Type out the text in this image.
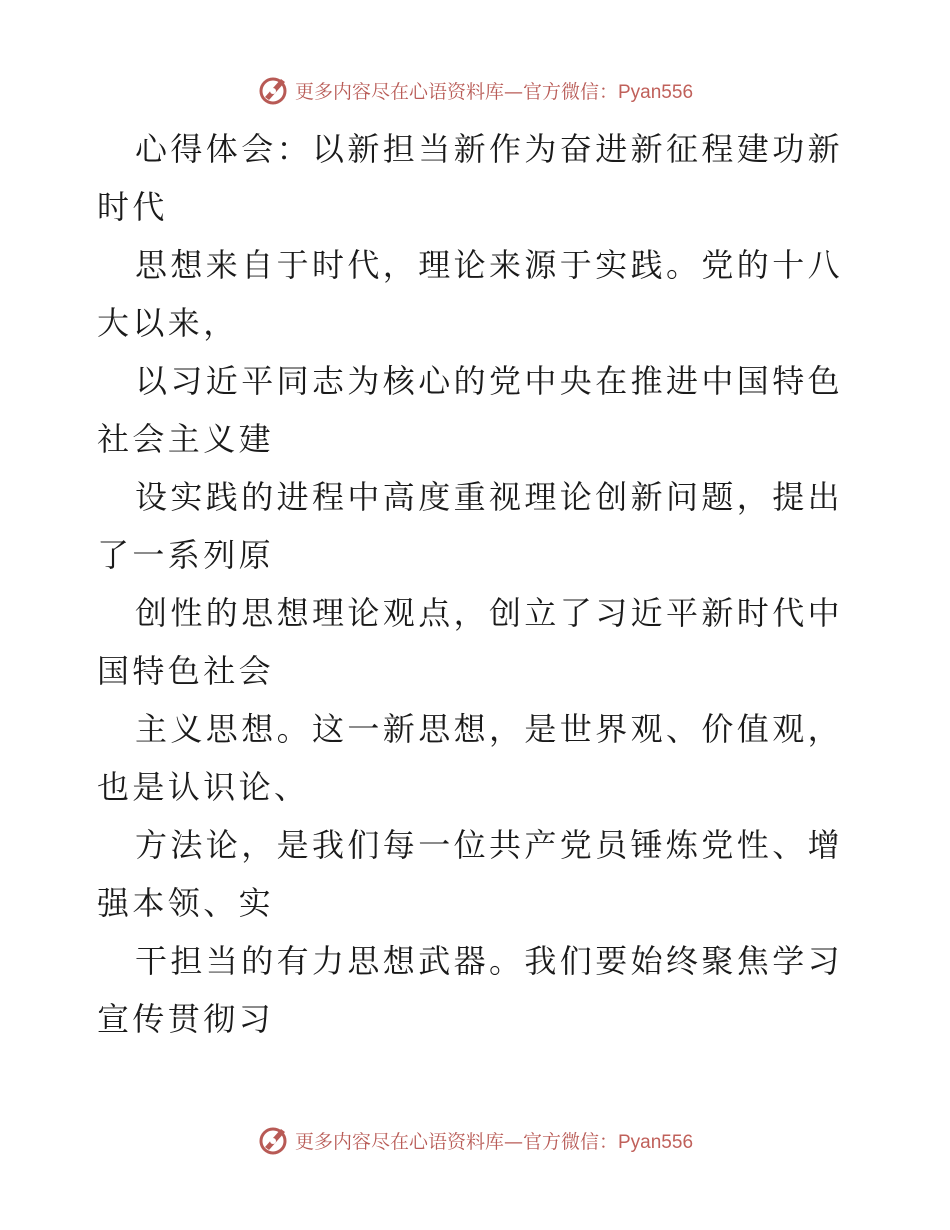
更多内容尽在心语资料库—官方微信：Pyan556

心得体会：以新担当新作为奋进新征程建功新时代

思想来自于时代，理论来源于实践。党的十八大以来，

以习近平同志为核心的党中央在推进中国特色社会主义建

设实践的进程中高度重视理论创新问题，提出了一系列原

创性的思想理论观点，创立了习近平新时代中国特色社会

主义思想。这一新思想，是世界观、价值观，也是认识论、

方法论，是我们每一位共产党员锤炼党性、增强本领、实

干担当的有力思想武器。我们要始终聚焦学习宣传贯彻习

更多内容尽在心语资料库—官方微信：Pyan556
